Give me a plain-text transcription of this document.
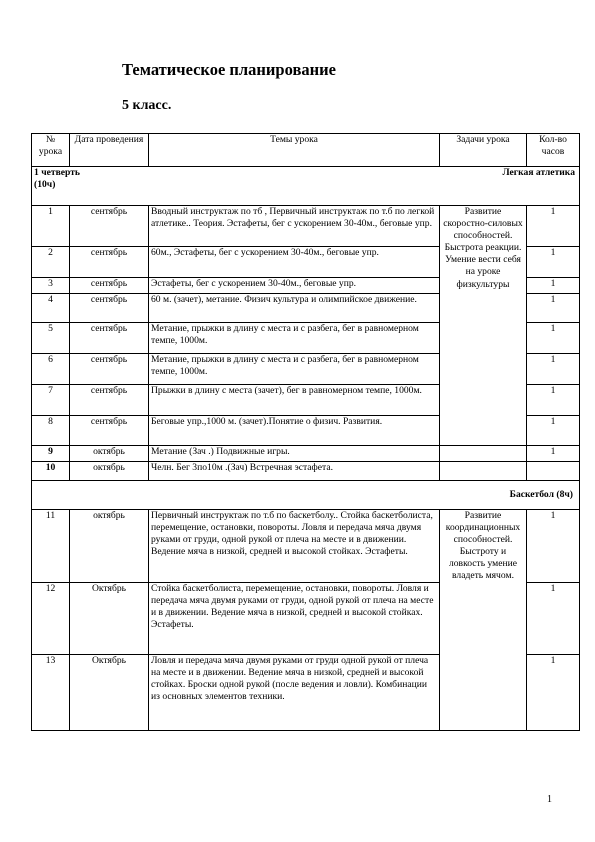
Тематическое планирование
5 класс.
№ урока	Дата проведения	Темы урока	Задачи урока	Кол-во часов

1 четверть
(10ч)
Легкая атлетика				

1	сентябрь	Вводный инструктаж по тб , Первичный инструктаж по т.б по легкой атлетике.. Теория. Эстафеты, бег с ускорением 30-40м., беговые упр.	Развитие скоростно-силовых способностей. Быстрота реакции. Умение вести себя на уроке физкультуры	1
2	сентябрь	60м., Эстафеты, бег с ускорением 30-40м., беговые упр.		1
3	сентябрь	Эстафеты, бег с ускорением 30-40м., беговые упр.		1
4	сентябрь	60 м. (зачет), метание. Физич культура и олимпийское движение.		1
5	сентябрь	Метание, прыжки в длину с места и с разбега, бег в равномерном темпе, 1000м.		1
6	сентябрь	Метание, прыжки в длину с места и с разбега, бег в равномерном темпе, 1000м.		1
7	сентябрь	Прыжки в длину с места (зачет), бег в равномерном темпе, 1000м.		1
8	сентябрь	Беговые упр.,1000 м. (зачет).Понятие о физич. Развития.		1
9	октябрь	Метание (Зач .) Подвижные игры.		1
10	октябрь	Челн. Бег 3по10м .(Зач) Встречная эстафета.		
Баскетбол (8ч)				
11	октябрь	Первичный инструктаж по т.б по баскетболу.. Стойка баскетболиста, перемещение, остановки, повороты. Ловля и передача мяча двумя руками от груди, одной рукой от плеча на месте и в движении. Ведение мяча в низкой, средней и высокой стойках. Эстафеты.	Развитие координационных способностей. Быстроту и ловкость умение владеть мячом.	1
12	Октябрь	Стойка баскетболиста, перемещение, остановки, повороты. Ловля и передача мяча двумя руками от груди, одной рукой от плеча на месте и в движении. Ведение мяча в низкой, средней и высокой стойках. Эстафеты.		1
13	Октябрь	Ловля и передача мяча двумя руками от груди одной рукой от плеча на месте и в движении. Ведение мяча в низкой, средней и высокой стойках. Броски одной рукой (после ведения и ловли). Комбинации из основных элементов техники.		1
1
